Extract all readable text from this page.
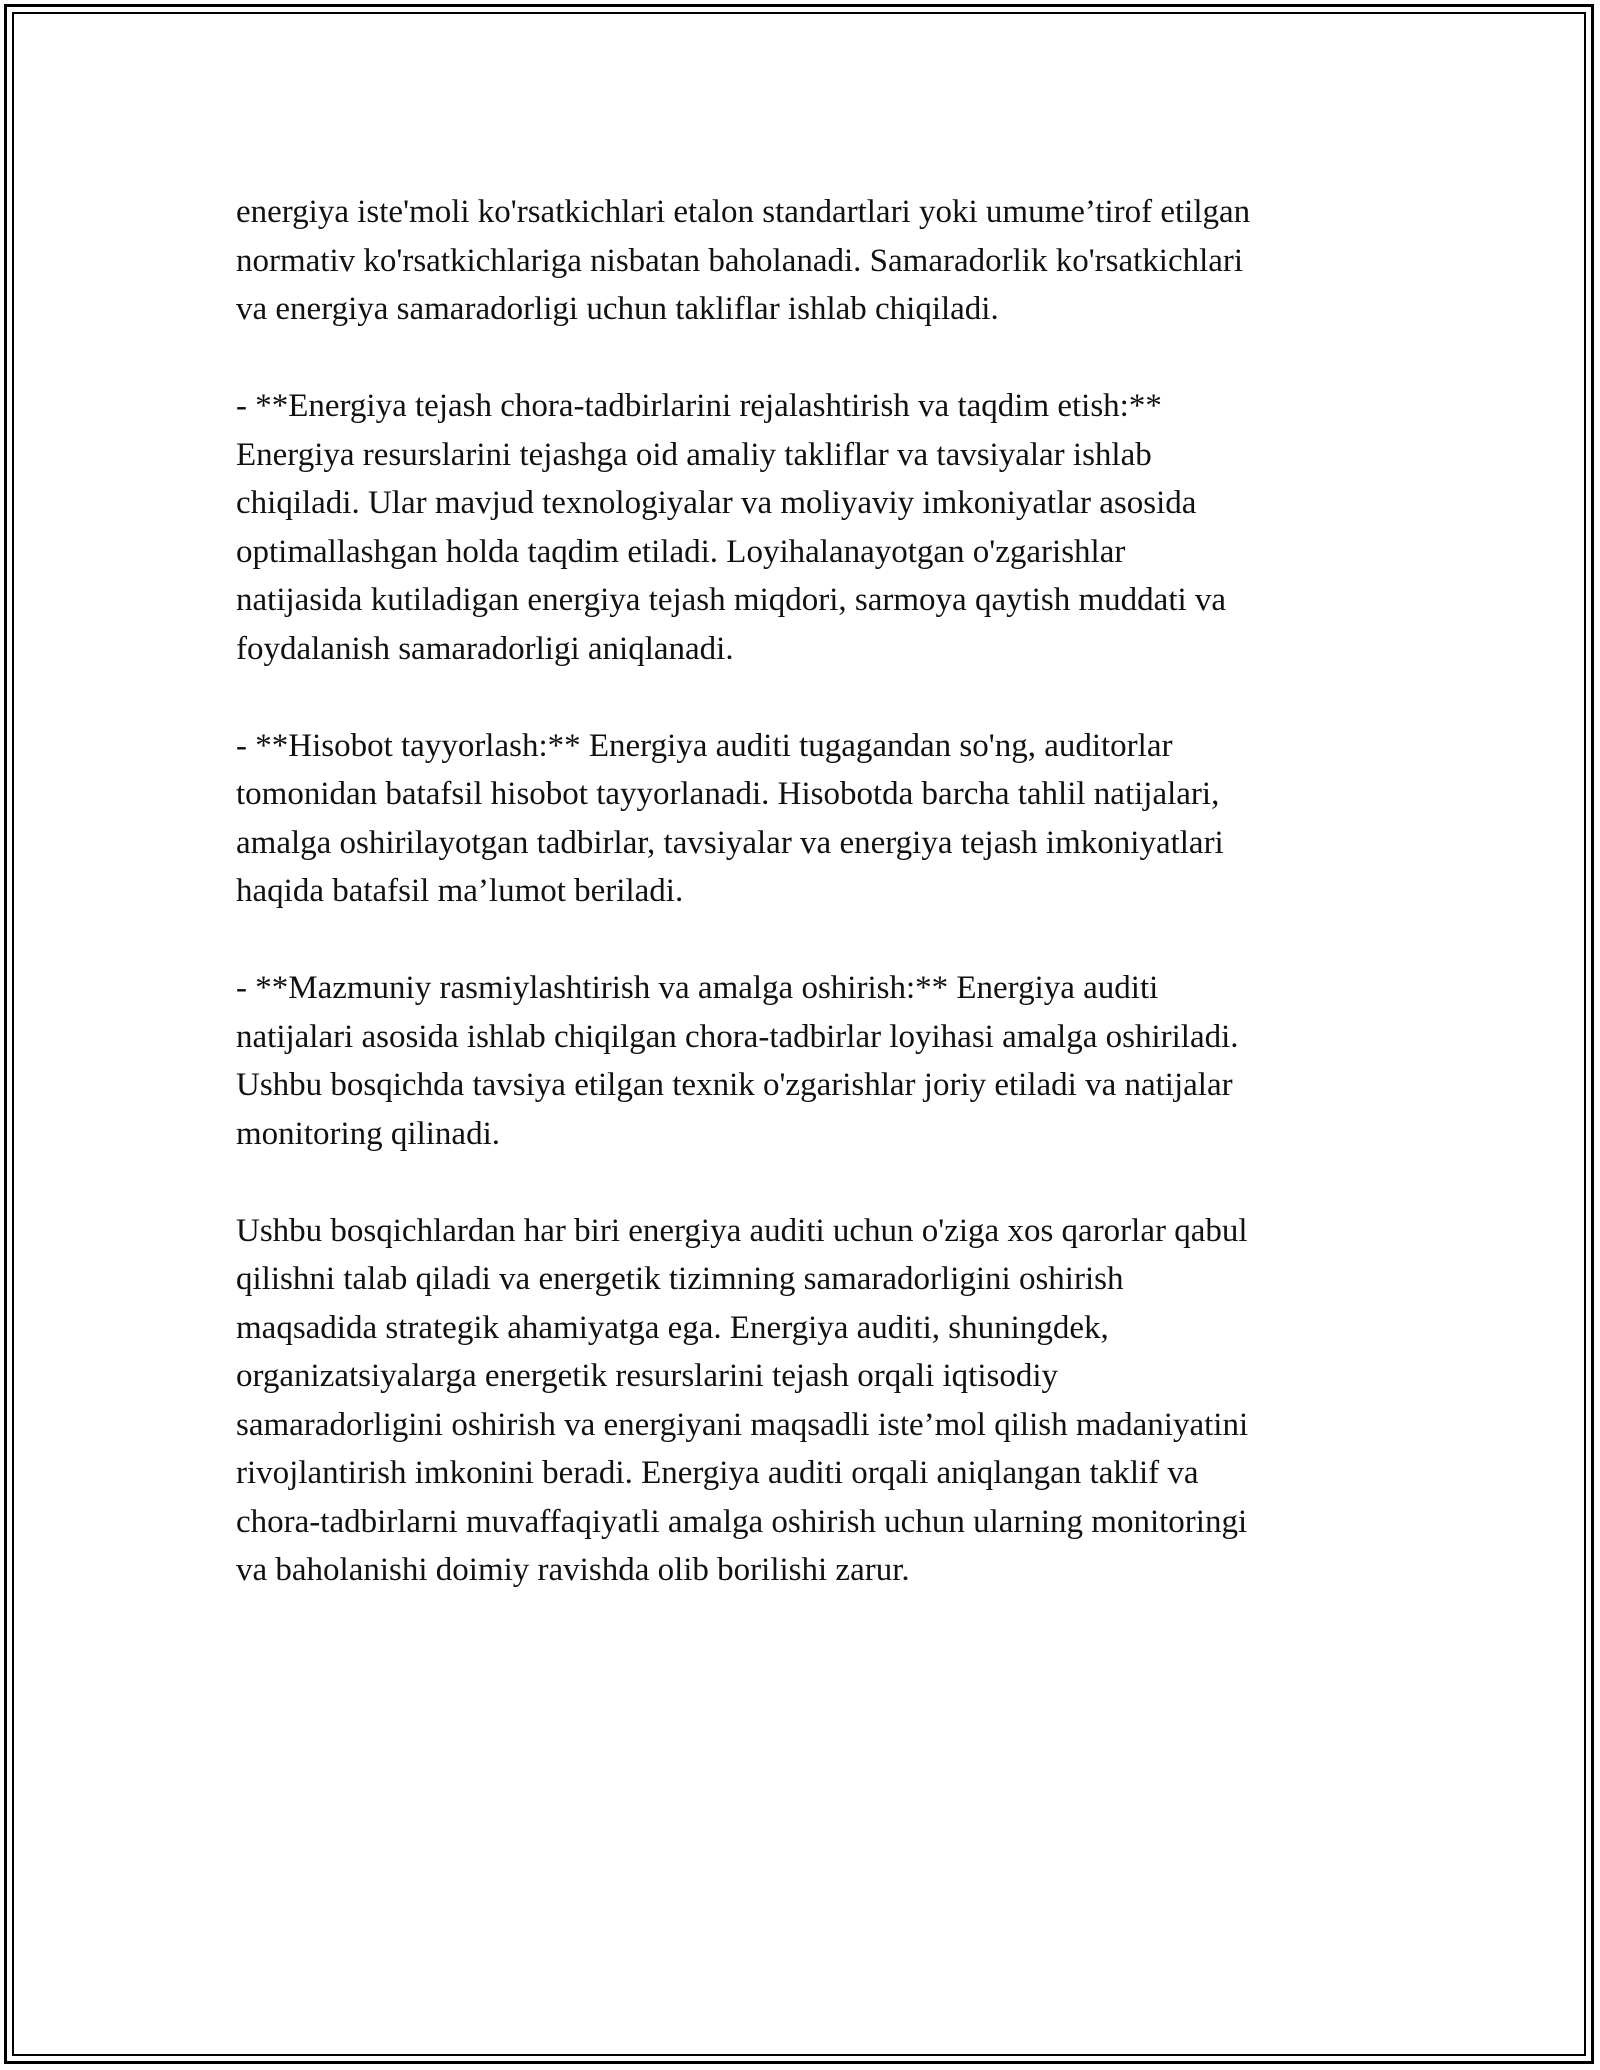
energiya iste'moli ko'rsatkichlari etalon standartlari yoki umume’tirof etilgan
normativ ko'rsatkichlariga nisbatan baholanadi. Samaradorlik ko'rsatkichlari
va energiya samaradorligi uchun takliflar ishlab chiqiladi.

- **Energiya tejash chora-tadbirlarini rejalashtirish va taqdim etish:**
Energiya resurslarini tejashga oid amaliy takliflar va tavsiyalar ishlab
chiqiladi. Ular mavjud texnologiyalar va moliyaviy imkoniyatlar asosida
optimallashgan holda taqdim etiladi. Loyihalanayotgan o'zgarishlar
natijasida kutiladigan energiya tejash miqdori, sarmoya qaytish muddati va
foydalanish samaradorligi aniqlanadi.

- **Hisobot tayyorlash:** Energiya auditi tugagandan so'ng, auditorlar
tomonidan batafsil hisobot tayyorlanadi. Hisobotda barcha tahlil natijalari,
amalga oshirilayotgan tadbirlar, tavsiyalar va energiya tejash imkoniyatlari
haqida batafsil ma’lumot beriladi.

- **Mazmuniy rasmiylashtirish va amalga oshirish:** Energiya auditi
natijalari asosida ishlab chiqilgan chora-tadbirlar loyihasi amalga oshiriladi.
Ushbu bosqichda tavsiya etilgan texnik o'zgarishlar joriy etiladi va natijalar
monitoring qilinadi.

Ushbu bosqichlardan har biri energiya auditi uchun o'ziga xos qarorlar qabul
qilishni talab qiladi va energetik tizimning samaradorligini oshirish
maqsadida strategik ahamiyatga ega. Energiya auditi, shuningdek,
organizatsiyalarga energetik resurslarini tejash orqali iqtisodiy
samaradorligini oshirish va energiyani maqsadli iste’mol qilish madaniyatini
rivojlantirish imkonini beradi. Energiya auditi orqali aniqlangan taklif va
chora-tadbirlarni muvaffaqiyatli amalga oshirish uchun ularning monitoringi
va baholanishi doimiy ravishda olib borilishi zarur.
